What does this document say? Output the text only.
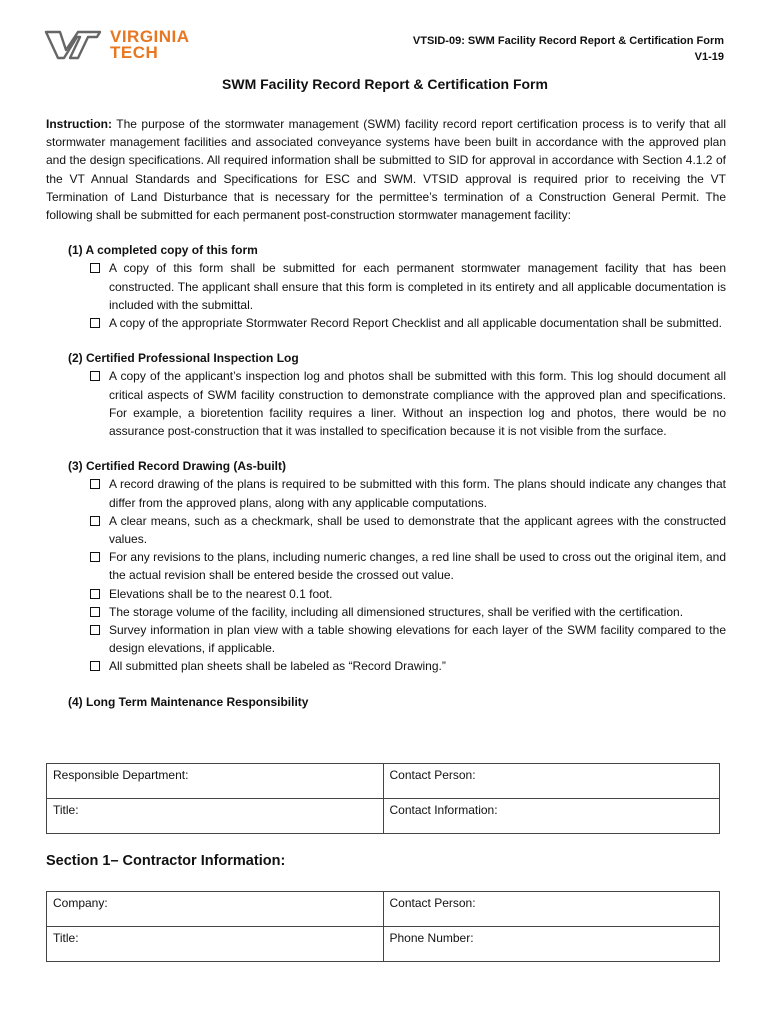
VIRGINIA
TECH
VTSID-09: SWM Facility Record Report & Certification Form
V1-19
SWM Facility Record Report & Certification Form

Instruction: The purpose of the stormwater management (SWM) facility record report certification process is to verify that all stormwater management facilities and associated conveyance systems have been built in accordance with the approved plan and the design specifications. All required information shall be submitted to SID for approval in accordance with Section 4.1.2 of the VT Annual Standards and Specifications for ESC and SWM. VTSID approval is required prior to receiving the VT Termination of Land Disturbance that is necessary for the permittee’s termination of a Construction General Permit. The following shall be submitted for each permanent post-construction stormwater management facility:

(1) A completed copy of this form
A copy of this form shall be submitted for each permanent stormwater management facility that has been constructed. The applicant shall ensure that this form is completed in its entirety and all applicable documentation is included with the submittal.
A copy of the appropriate Stormwater Record Report Checklist and all applicable documentation shall be submitted.
(2) Certified Professional Inspection Log
A copy of the applicant’s inspection log and photos shall be submitted with this form. This log should document all critical aspects of SWM facility construction to demonstrate compliance with the approved plan and specifications. For example, a bioretention facility requires a liner. Without an inspection log and photos, there would be no assurance post-construction that it was installed to specification because it is not visible from the surface.
(3) Certified Record Drawing (As-built)
A record drawing of the plans is required to be submitted with this form. The plans should indicate any changes that differ from the approved plans, along with any applicable computations.
A clear means, such as a checkmark, shall be used to demonstrate that the applicant agrees with the constructed values.
For any revisions to the plans, including numeric changes, a red line shall be used to cross out the original item, and the actual revision shall be entered beside the crossed out value.
Elevations shall be to the nearest 0.1 foot.
The storage volume of the facility, including all dimensioned structures, shall be verified with the certification.
Survey information in plan view with a table showing elevations for each layer of the SWM facility compared to the design elevations, if applicable.
All submitted plan sheets shall be labeled as “Record Drawing.”
(4) Long Term Maintenance Responsibility
Responsible Department:	Contact Person:
Title:	Contact Information:
Section 1– Contractor Information:
Company:	Contact Person:
Title:	Phone Number:
